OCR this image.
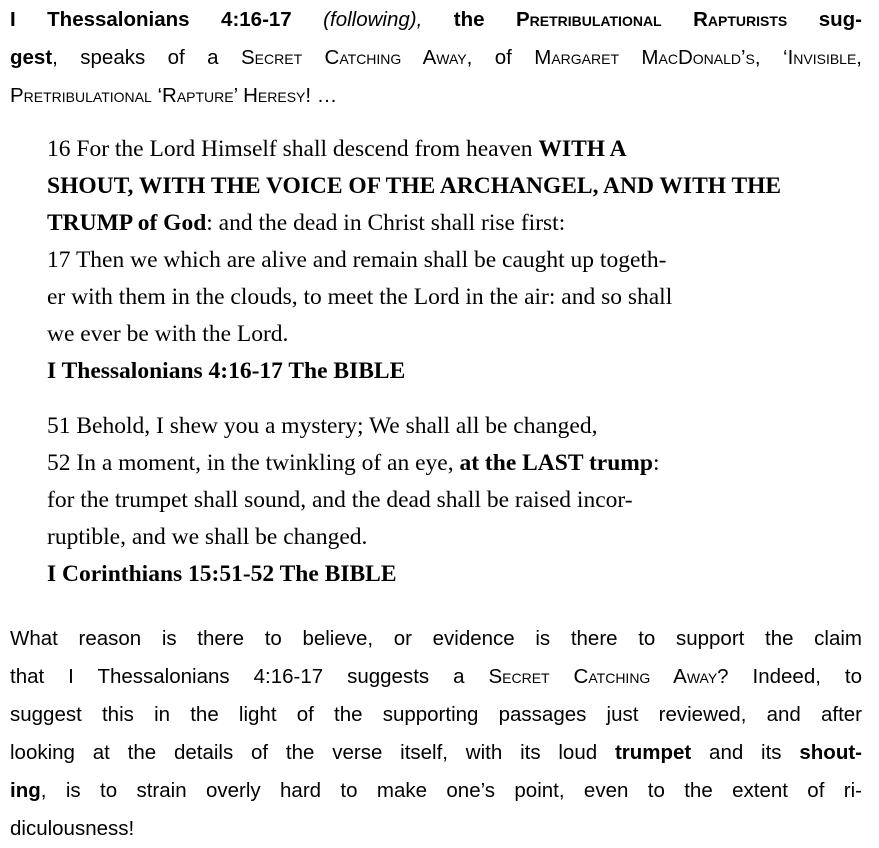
I Thessalonians 4:16-17 (following), the Pretribulational Rapturists sug-
gest, speaks of a Secret Catching Away, of Margaret MacDonald’s, ‘Invisible,
Pretribulational ‘Rapture’ Heresy! …
16 For the Lord Himself shall descend from heaven WITH A
SHOUT, WITH THE VOICE OF THE ARCHANGEL, AND WITH THE
TRUMP of God: and the dead in Christ shall rise first:
17 Then we which are alive and remain shall be caught up togeth-
er with them in the clouds, to meet the Lord in the air: and so shall
we ever be with the Lord.
I Thessalonians 4:16-17 The BIBLE
51 Behold, I shew you a mystery; We shall all be changed,
52 In a moment, in the twinkling of an eye, at the LAST trump:
for the trumpet shall sound, and the dead shall be raised incor-
ruptible, and we shall be changed.
I Corinthians 15:51-52 The BIBLE
What reason is there to believe, or evidence is there to support the claim
that I Thessalonians 4:16-17 suggests a Secret Catching Away? Indeed, to
suggest this in the light of the supporting passages just reviewed, and after
looking at the details of the verse itself, with its loud trumpet and its shout-
ing, is to strain overly hard to make one’s point, even to the extent of ri-
diculousness!
